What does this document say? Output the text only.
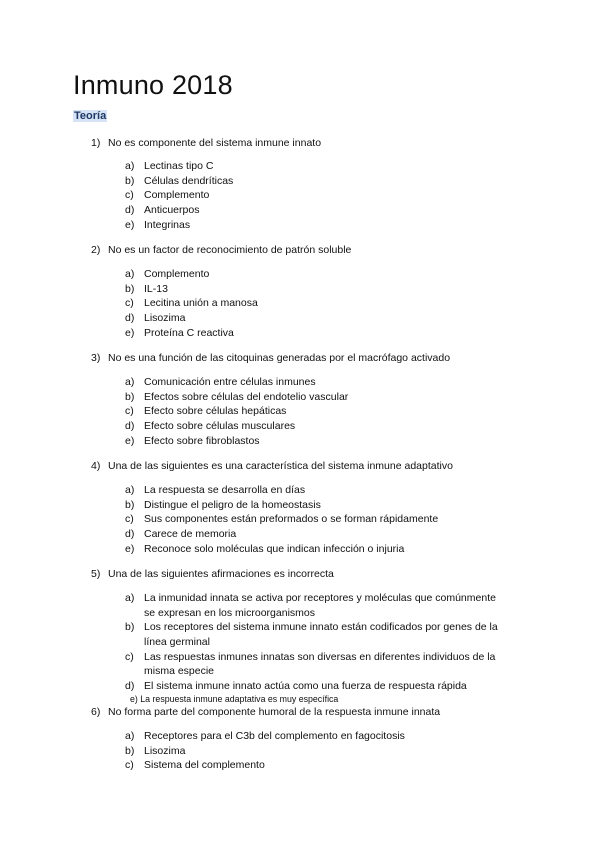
Inmuno 2018
Teoría
1) No es componente del sistema inmune innato
a) Lectinas tipo C
b) Células dendríticas
c) Complemento
d) Anticuerpos
e) Integrinas
2) No es un factor de reconocimiento de patrón soluble
a) Complemento
b) IL-13
c) Lecitina unión a manosa
d) Lisozima
e) Proteína C reactiva
3) No es una función de las citoquinas generadas por el macrófago activado
a) Comunicación entre células inmunes
b) Efectos sobre células del endotelio vascular
c) Efecto sobre células hepáticas
d) Efecto sobre células musculares
e) Efecto sobre fibroblastos
4) Una de las siguientes es una característica del sistema inmune adaptativo
a) La respuesta se desarrolla en días
b) Distingue el peligro de la homeostasis
c) Sus componentes están preformados o se forman rápidamente
d) Carece de memoria
e) Reconoce solo moléculas que indican infección o injuria
5) Una de las siguientes afirmaciones es incorrecta
a) La inmunidad innata se activa por receptores y moléculas que comúnmente se expresan en los microorganismos
b) Los receptores del sistema inmune innato están codificados por genes de la línea germinal
c) Las respuestas inmunes innatas son diversas en diferentes individuos de la misma especie
d) El sistema inmune innato actúa como una fuerza de respuesta rápida
e) La respuesta inmune adaptativa es muy específica
6) No forma parte del componente humoral de la respuesta inmune innata
a) Receptores para el C3b del complemento en fagocitosis
b) Lisozima
c) Sistema del complemento
